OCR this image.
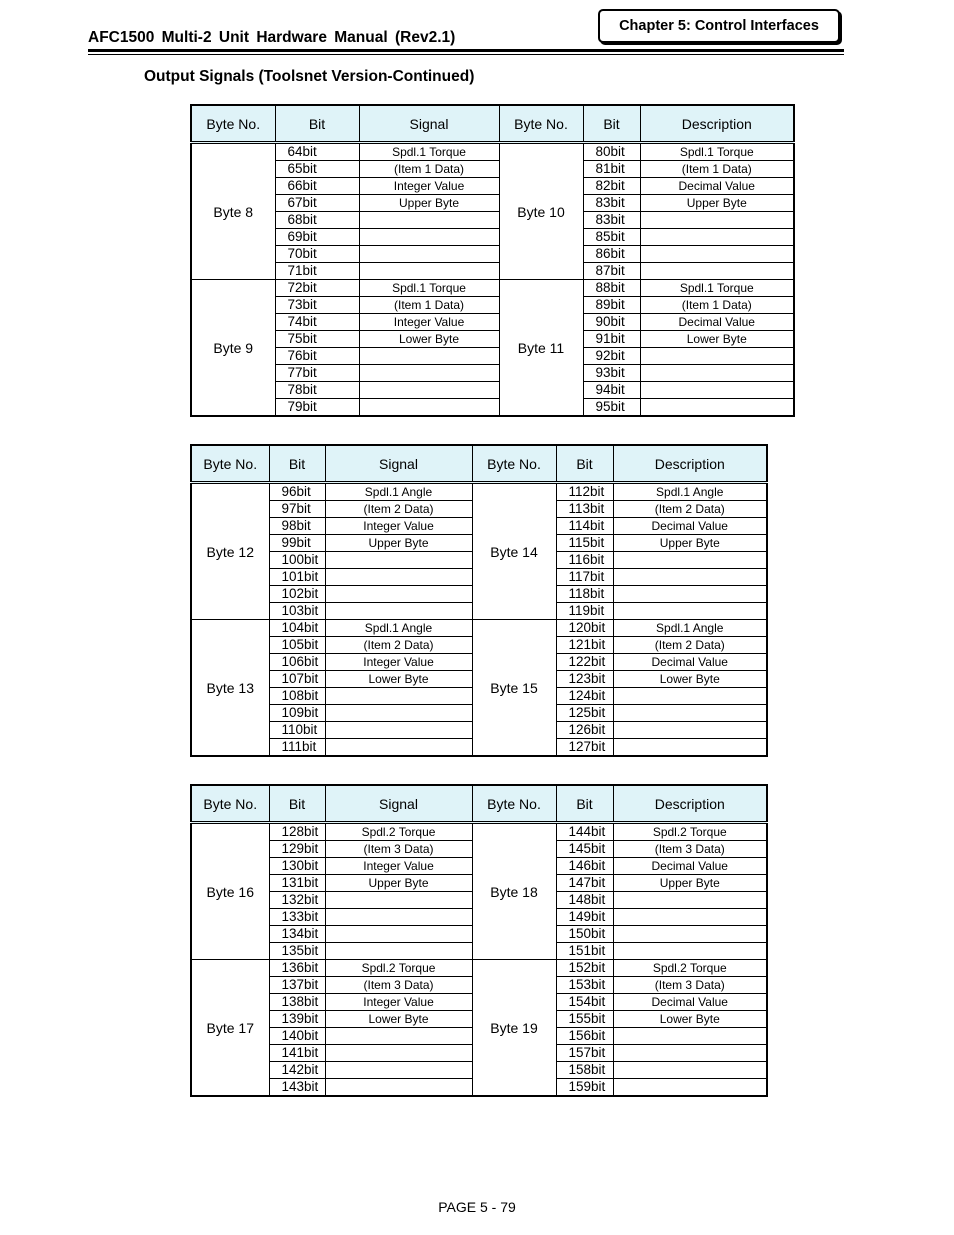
AFC1500 Multi-2 Unit Hardware Manual (Rev2.1)
Chapter 5: Control Interfaces
Output Signals (Toolsnet Version-Continued)
Byte No.	Bit	Signal	Byte No.	Bit	Description
Byte 8	64bit	Spdl.1 Torque	Byte 10	80bit	Spdl.1 Torque
	65bit	(Item 1 Data)		81bit	(Item 1 Data)
	66bit	Integer Value		82bit	Decimal Value
	67bit	Upper Byte		83bit	Upper Byte
	68bit			83bit	
	69bit			85bit	
	70bit			86bit	
	71bit			87bit	
Byte 9	72bit	Spdl.1 Torque	Byte 11	88bit	Spdl.1 Torque
	73bit	(Item 1 Data)		89bit	(Item 1 Data)
	74bit	Integer Value		90bit	Decimal Value
	75bit	Lower Byte		91bit	Lower Byte
	76bit			92bit	
	77bit			93bit	
	78bit			94bit	
	79bit			95bit	
Byte No.	Bit	Signal	Byte No.	Bit	Description
Byte 12	96bit	Spdl.1 Angle	Byte 14	112bit	Spdl.1 Angle
	97bit	(Item 2 Data)		113bit	(Item 2 Data)
	98bit	Integer Value		114bit	Decimal Value
	99bit	Upper Byte		115bit	Upper Byte
	100bit			116bit	
	101bit			117bit	
	102bit			118bit	
	103bit			119bit	
Byte 13	104bit	Spdl.1 Angle	Byte 15	120bit	Spdl.1 Angle
	105bit	(Item 2 Data)		121bit	(Item 2 Data)
	106bit	Integer Value		122bit	Decimal Value
	107bit	Lower Byte		123bit	Lower Byte
	108bit			124bit	
	109bit			125bit	
	110bit			126bit	
	111bit			127bit	
Byte No.	Bit	Signal	Byte No.	Bit	Description
Byte 16	128bit	Spdl.2 Torque	Byte 18	144bit	Spdl.2 Torque
	129bit	(Item 3 Data)		145bit	(Item 3 Data)
	130bit	Integer Value		146bit	Decimal Value
	131bit	Upper Byte		147bit	Upper Byte
	132bit			148bit	
	133bit			149bit	
	134bit			150bit	
	135bit			151bit	
Byte 17	136bit	Spdl.2 Torque	Byte 19	152bit	Spdl.2 Torque
	137bit	(Item 3 Data)		153bit	(Item 3 Data)
	138bit	Integer Value		154bit	Decimal Value
	139bit	Lower Byte		155bit	Lower Byte
	140bit			156bit	
	141bit			157bit	
	142bit			158bit	
	143bit			159bit	
PAGE 5 - 79
